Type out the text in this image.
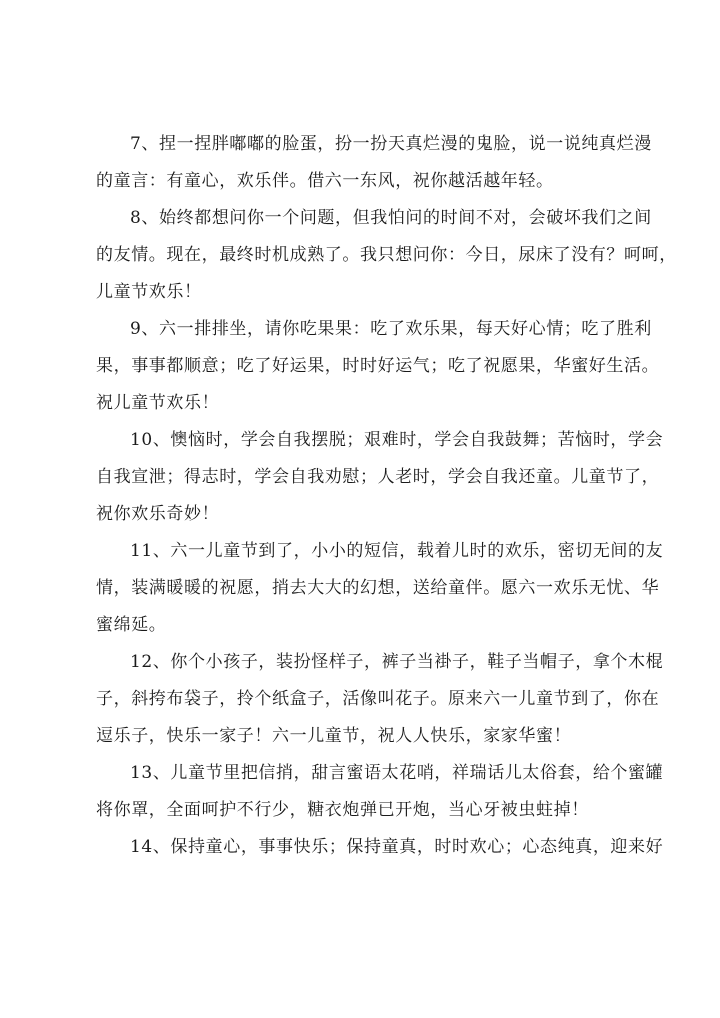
7、捏一捏胖嘟嘟的脸蛋，扮一扮天真烂漫的鬼脸，说一说纯真烂漫
的童言：有童心，欢乐伴。借六一东风，祝你越活越年轻。
8、始终都想问你一个问题，但我怕问的时间不对，会破坏我们之间
的友情。现在，最终时机成熟了。我只想问你：今日，尿床了没有？呵呵，
儿童节欢乐！
9、六一排排坐，请你吃果果：吃了欢乐果，每天好心情；吃了胜利
果，事事都顺意；吃了好运果，时时好运气；吃了祝愿果，华蜜好生活。
祝儿童节欢乐！
10、懊恼时，学会自我摆脱；艰难时，学会自我鼓舞；苦恼时，学会
自我宣泄；得志时，学会自我劝慰；人老时，学会自我还童。儿童节了，
祝你欢乐奇妙！
11、六一儿童节到了，小小的短信，载着儿时的欢乐，密切无间的友
情，装满暖暖的祝愿，捎去大大的幻想，送给童伴。愿六一欢乐无忧、华
蜜绵延。
12、你个小孩子，装扮怪样子，裤子当褂子，鞋子当帽子，拿个木棍
子，斜挎布袋子，拎个纸盒子，活像叫花子。原来六一儿童节到了，你在
逗乐子，快乐一家子！六一儿童节，祝人人快乐，家家华蜜！
13、儿童节里把信捎，甜言蜜语太花哨，祥瑞话儿太俗套，给个蜜罐
将你罩，全面呵护不行少，糖衣炮弹已开炮，当心牙被虫蛀掉！
14、保持童心，事事快乐；保持童真，时时欢心；心态纯真，迎来好
